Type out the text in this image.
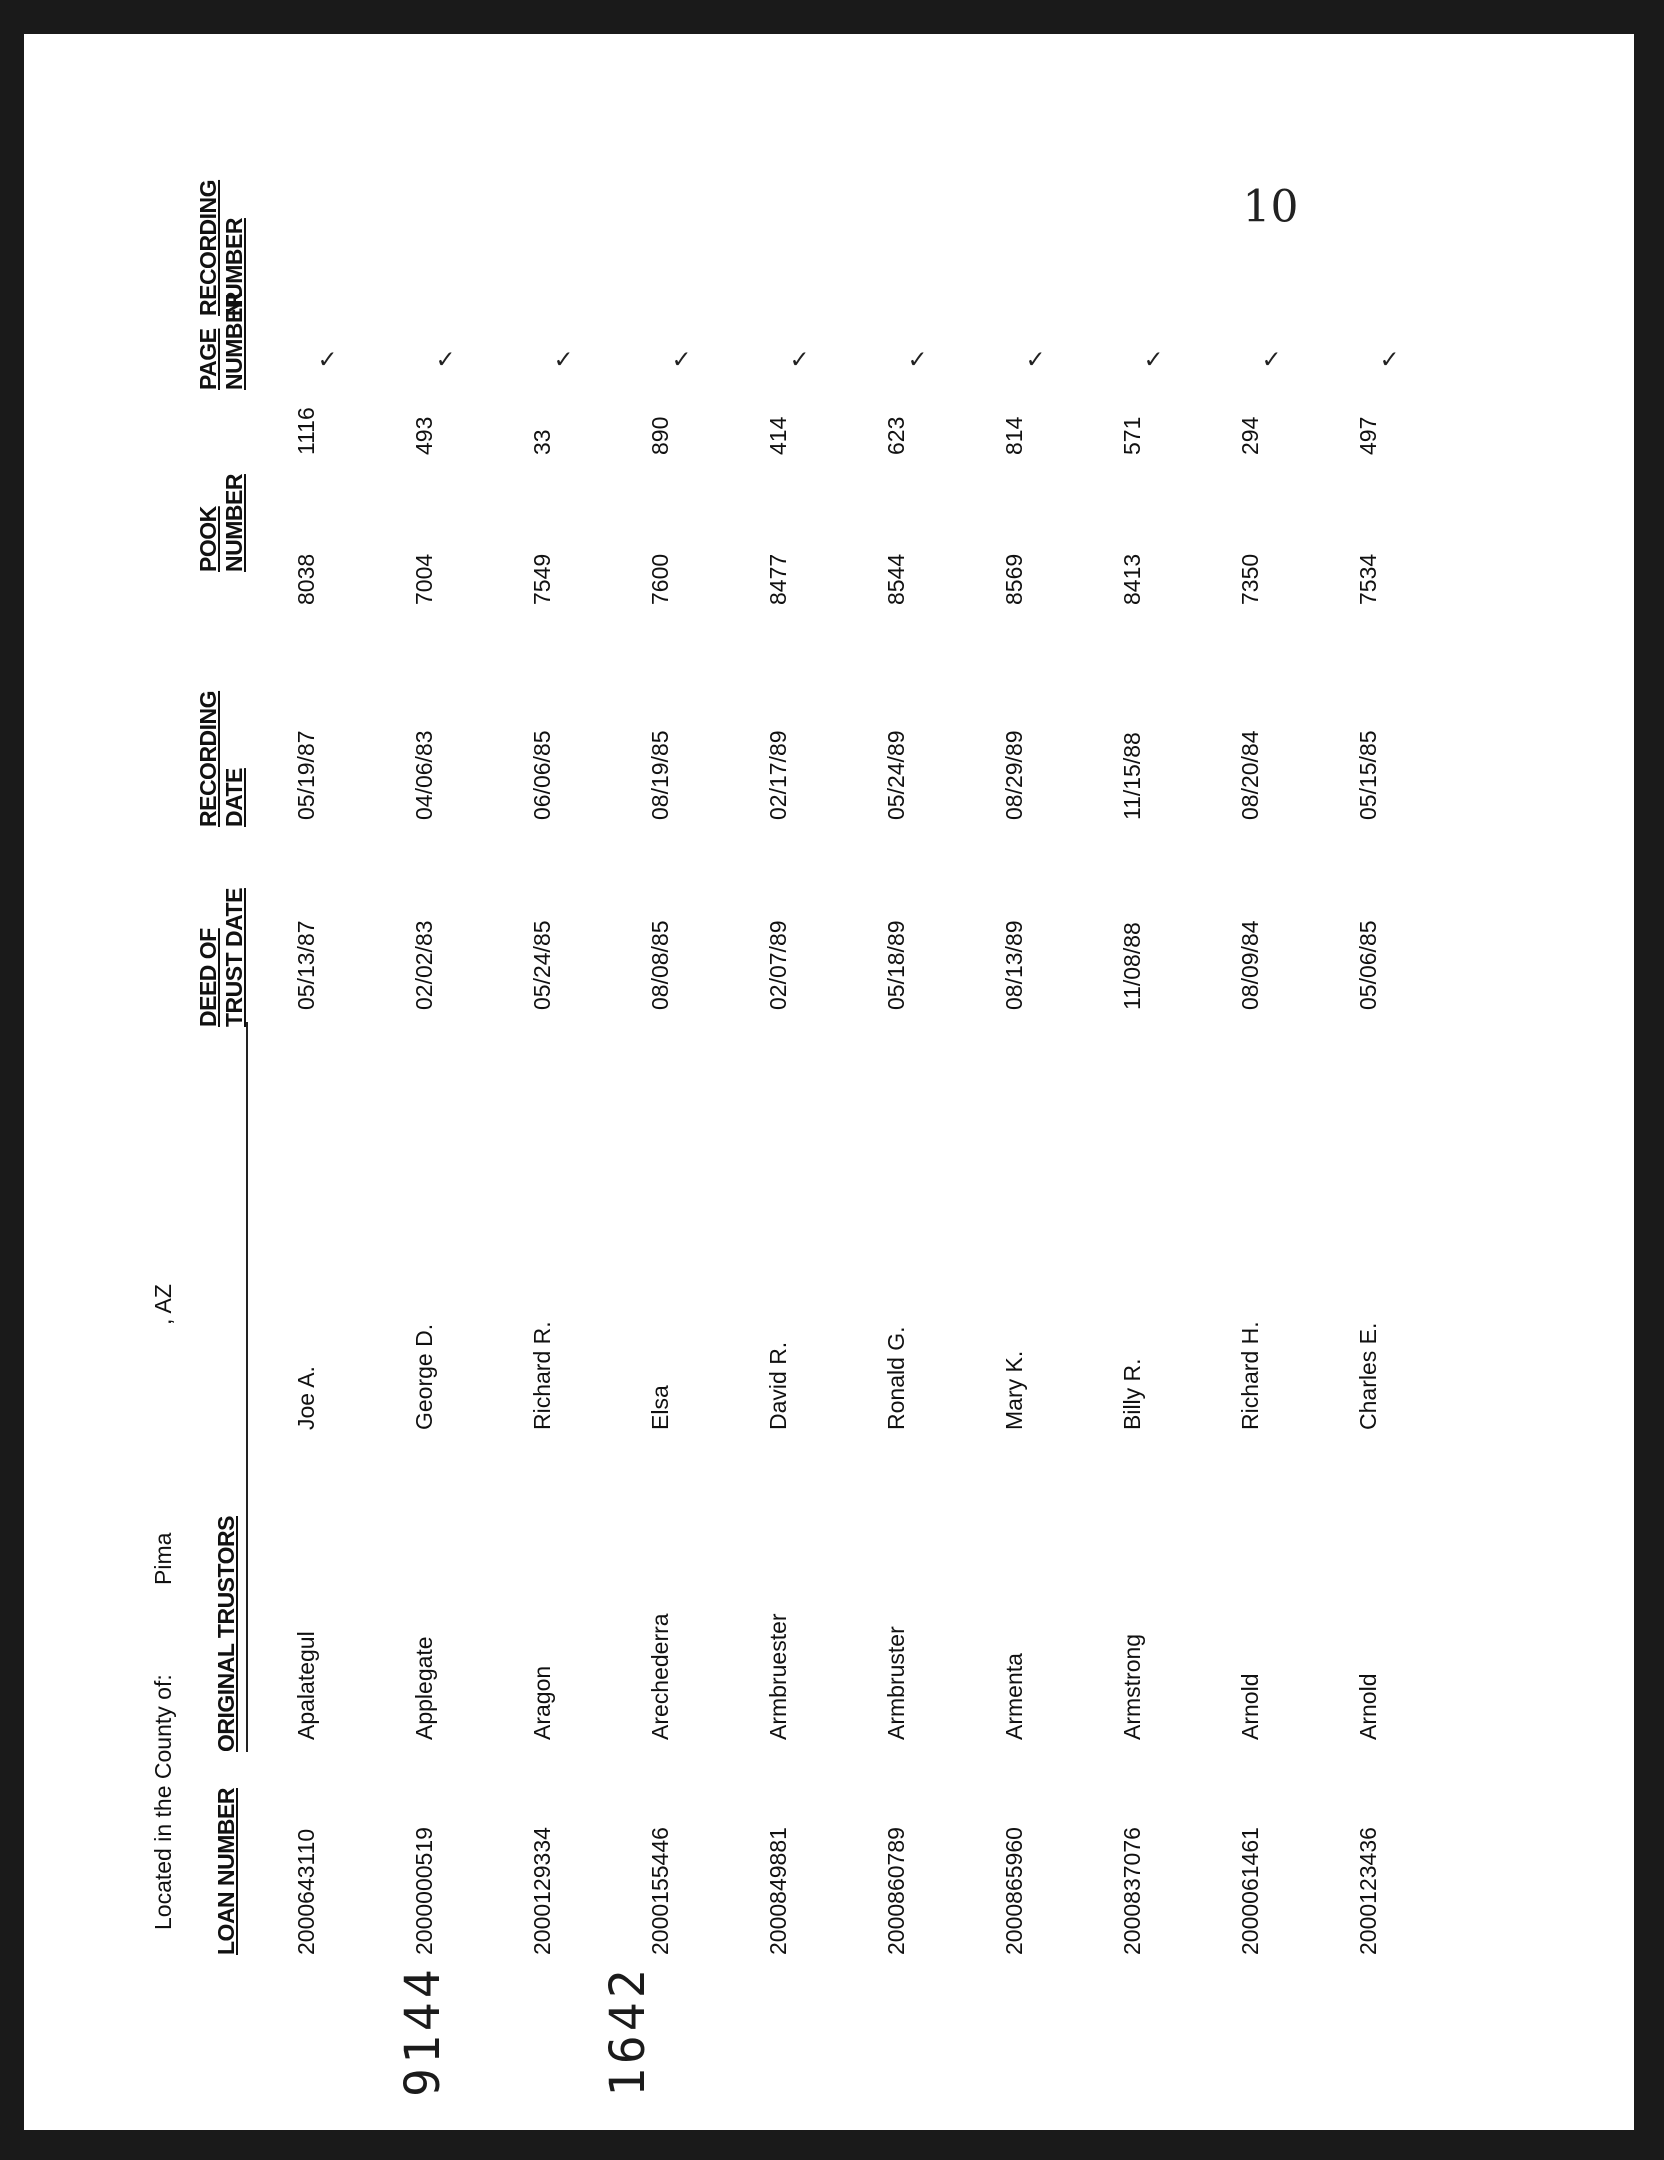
Located in the County of:
Pima
, AZ
LOAN NUMBER
ORIGINAL TRUSTORS
DEED OF TRUST DATE
RECORDING DATE
POOK NUMBER
PAGE NUMBER
RECORDING NUMBER
2000643110
Apalategul
Joe A.
05/13/87
05/19/87
8038
1116
✓
2000000519
Applegate
George D.
02/02/83
04/06/83
7004
493
✓
2000129334
Aragon
Richard R.
05/24/85
06/06/85
7549
33
✓
2000155446
Arechederra
Elsa
08/08/85
08/19/85
7600
890
✓
2000849881
Armbruester
David R.
02/07/89
02/17/89
8477
414
✓
2000860789
Armbruster
Ronald G.
05/18/89
05/24/89
8544
623
✓
2000865960
Armenta
Mary K.
08/13/89
08/29/89
8569
814
✓
2000837076
Armstrong
Billy R.
11/08/88
11/15/88
8413
571
✓
2000061461
Arnold
Richard H.
08/09/84
08/20/84
7350
294
✓
2000123436
Arnold
Charles E.
05/06/85
05/15/85
7534
497
✓
9144	1642
10
